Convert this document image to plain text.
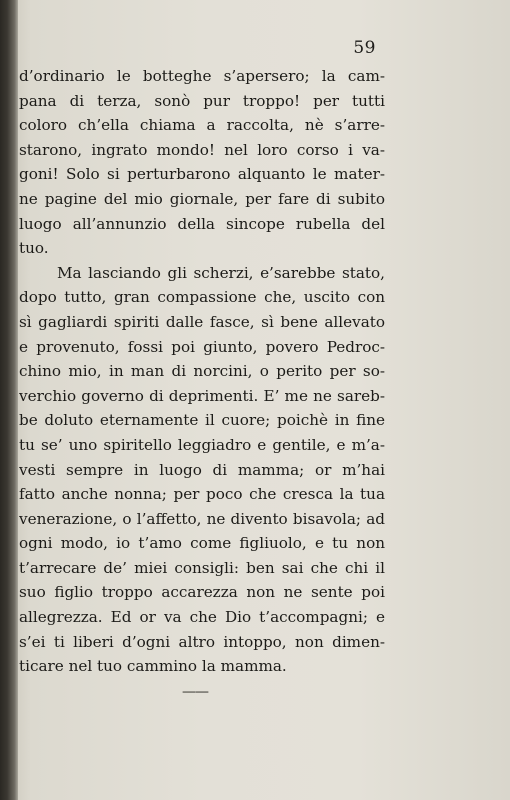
59
d’ordinario le botteghe s’apersero; la cam-
pana di terza, sonò pur troppo! per tutti
coloro ch’ella chiama a raccolta, nè s’arre-
starono, ingrato mondo! nel loro corso i va-
goni! Solo si perturbarono alquanto le mater-
ne pagine del mio giornale, per fare di subito
luogo all’annunzio della sincope rubella del
tuo.
Ma lasciando gli scherzi, e’sarebbe stato,
dopo tutto, gran compassione che, uscito con
sì gagliardi spiriti dalle fasce, sì bene allevato
e provenuto, fossi poi giunto, povero Pedroc-
chino mio, in man di norcini, o perito per so-
verchio governo di deprimenti. E’ me ne sareb-
be doluto eternamente il cuore; poichè in fine
tu se’ uno spiritello leggiadro e gentile, e m’a-
vesti sempre in luogo di mamma; or m’hai
fatto anche nonna; per poco che cresca la tua
venerazione, o l’affetto, ne divento bisavola; ad
ogni modo, io t’amo come figliuolo, e tu non
t’arrecare de’ miei consigli: ben sai che chi il
suo figlio troppo accarezza non ne sente poi
allegrezza. Ed or va che Dio t’accompagni; e
s’ei ti liberi d’ogni altro intoppo, non dimen-
ticare nel tuo cammino la mamma.
——
